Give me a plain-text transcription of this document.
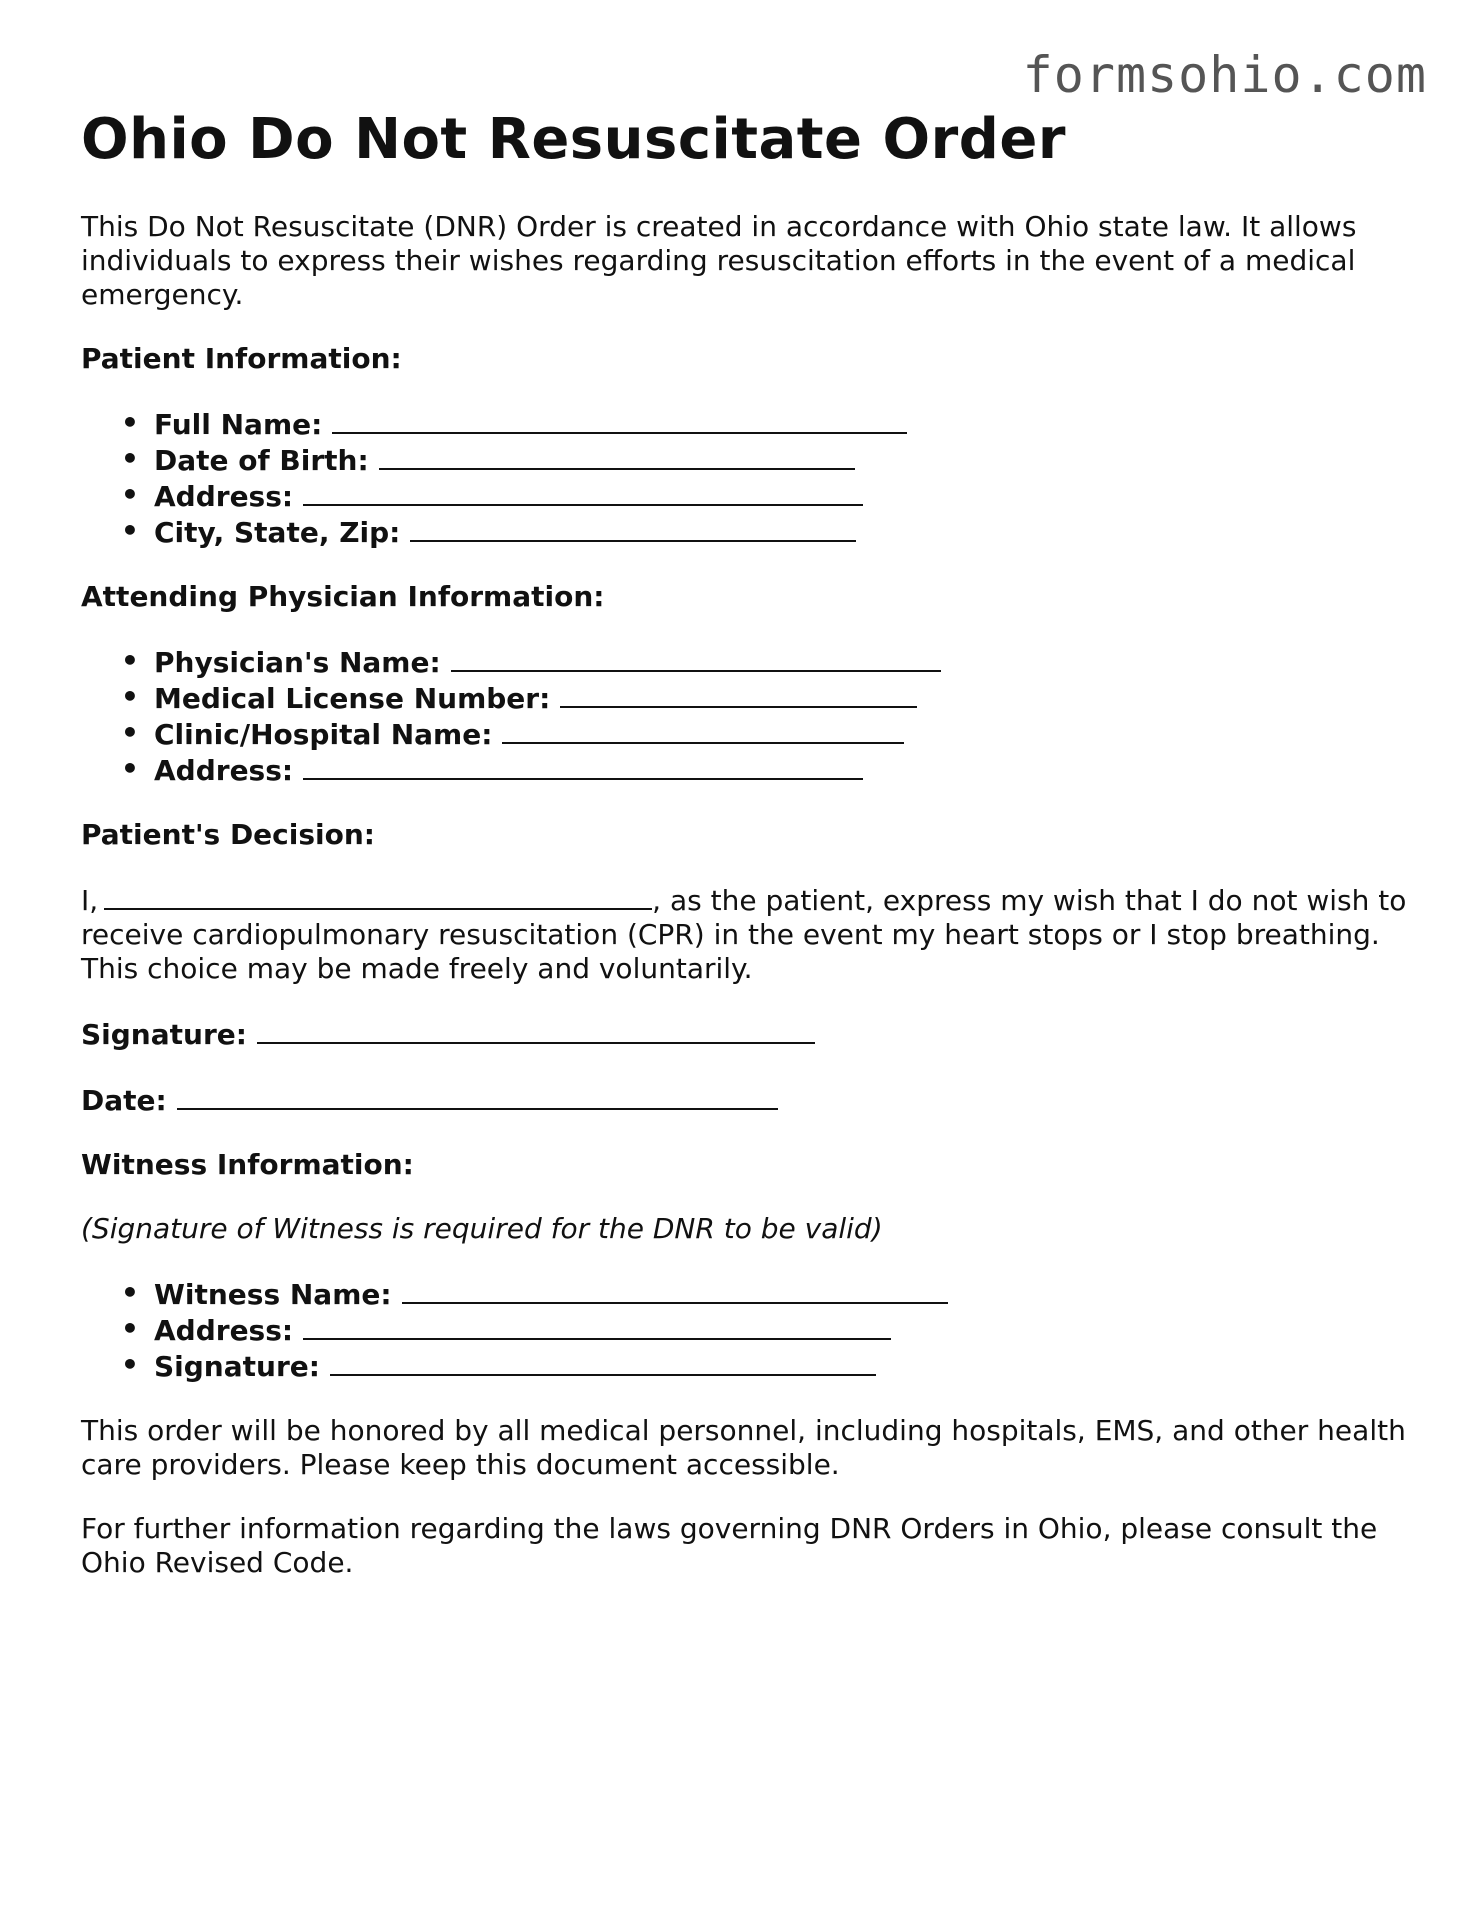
formsohio.com
Ohio Do Not Resuscitate Order

This Do Not Resuscitate (DNR) Order is created in accordance with Ohio state law. It allows individuals to express their wishes regarding resuscitation efforts in the event of a medical emergency.

Patient Information:

• Full Name:
• Date of Birth:
• Address:
• City, State, Zip:

Attending Physician Information:

• Physician's Name:
• Medical License Number:
• Clinic/Hospital Name:
• Address:

Patient's Decision:

I,	, as the patient, express my wish that I do not wish to receive cardiopulmonary resuscitation (CPR) in the event my heart stops or I stop breathing. This choice may be made freely and voluntarily.

Signature:

Date:

Witness Information:

(Signature of Witness is required for the DNR to be valid)

• Witness Name:
• Address:
• Signature:

This order will be honored by all medical personnel, including hospitals, EMS, and other health care providers. Please keep this document accessible.

For further information regarding the laws governing DNR Orders in Ohio, please consult the Ohio Revised Code.
